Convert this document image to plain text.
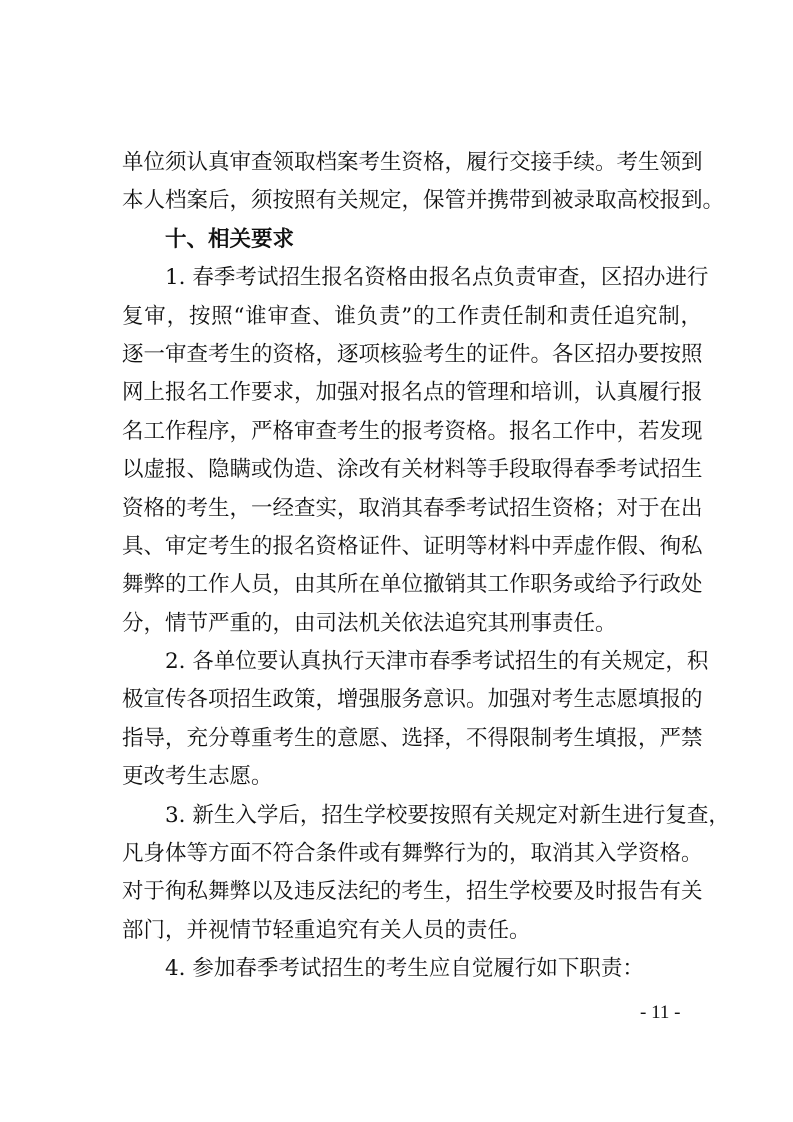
单位须认真审查领取档案考生资格，履行交接手续。考生领到
本人档案后，须按照有关规定，保管并携带到被录取高校报到。
十、相关要求
1. 春季考试招生报名资格由报名点负责审查，区招办进行
复审，按照“谁审查、谁负责”的工作责任制和责任追究制，
逐一审查考生的资格，逐项核验考生的证件。各区招办要按照
网上报名工作要求，加强对报名点的管理和培训，认真履行报
名工作程序，严格审查考生的报考资格。报名工作中，若发现
以虚报、隐瞒或伪造、涂改有关材料等手段取得春季考试招生
资格的考生，一经查实，取消其春季考试招生资格；对于在出
具、审定考生的报名资格证件、证明等材料中弄虚作假、徇私
舞弊的工作人员，由其所在单位撤销其工作职务或给予行政处
分，情节严重的，由司法机关依法追究其刑事责任。
2. 各单位要认真执行天津市春季考试招生的有关规定，积
极宣传各项招生政策，增强服务意识。加强对考生志愿填报的
指导，充分尊重考生的意愿、选择，不得限制考生填报，严禁
更改考生志愿。
3. 新生入学后，招生学校要按照有关规定对新生进行复查，
凡身体等方面不符合条件或有舞弊行为的，取消其入学资格。
对于徇私舞弊以及违反法纪的考生，招生学校要及时报告有关
部门，并视情节轻重追究有关人员的责任。
4. 参加春季考试招生的考生应自觉履行如下职责：
- 11 -
